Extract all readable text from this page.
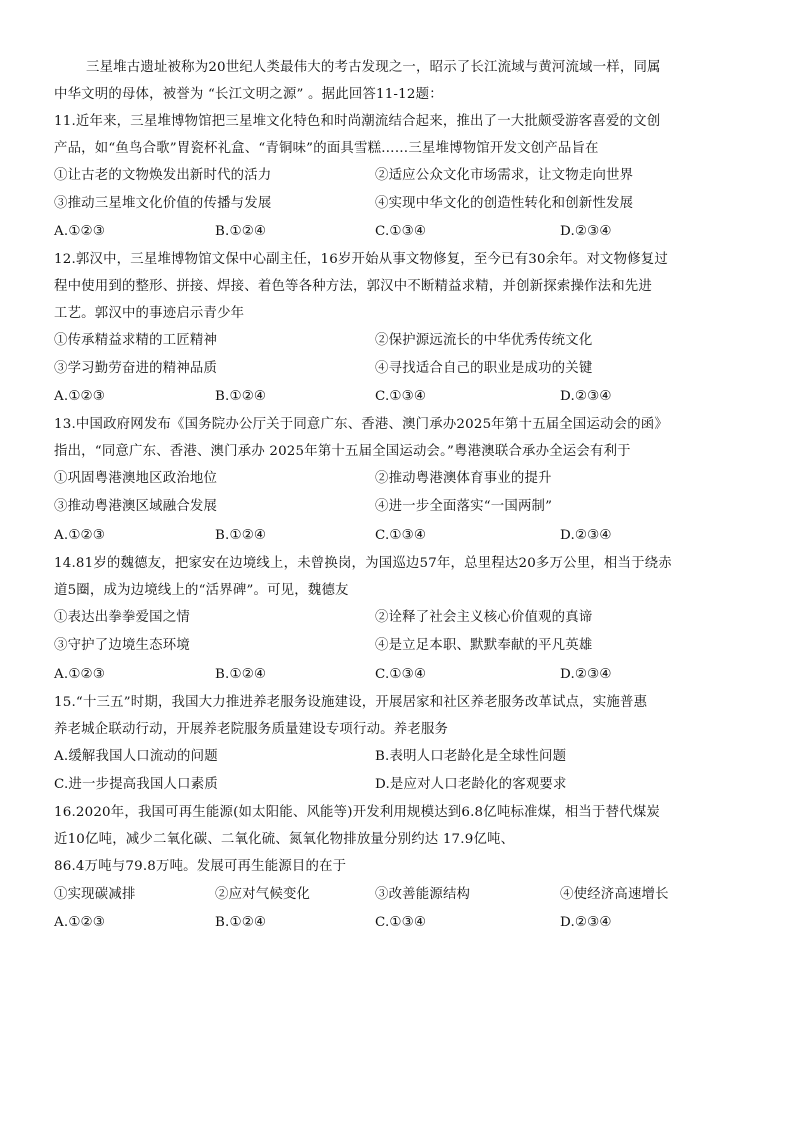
三星堆古遗址被称为20世纪人类最伟大的考古发现之一，昭示了长江流域与黄河流域一样，同属
中华文明的母体，被誉为 “长江文明之源” 。据此回答11-12题：
11.近年来，三星堆博物馆把三星堆文化特色和时尚潮流结合起来，推出了一大批颇受游客喜爱的文创
产品，如“鱼鸟合歌”胃瓷杯礼盒、“青铜味”的面具雪糕……三星堆博物馆开发文创产品旨在
①让古老的文物焕发出新时代的活力	②适应公众文化市场需求，让文物走向世界
③推动三星堆文化价值的传播与发展	④实现中华文化的创造性转化和创新性发展
A.①②③	B.①②④	C.①③④	D.②③④
12.郭汉中，三星堆博物馆文保中心副主任，16岁开始从事文物修复，至今已有30余年。对文物修复过
程中使用到的整形、拼接、焊接、着色等各种方法，郭汉中不断精益求精，并创新探索操作法和先进
工艺。郭汉中的事迹启示青少年
①传承精益求精的工匠精神	②保护源远流长的中华优秀传统文化
③学习勤劳奋进的精神品质	④寻找适合自己的职业是成功的关键
A.①②③	B.①②④	C.①③④	D.②③④
13.中国政府网发布《国务院办公厅关于同意广东、香港、澳门承办2025年第十五届全国运动会的函》
指出，“同意广东、香港、澳门承办 2025年第十五届全国运动会。”粤港澳联合承办全运会有利于
①巩固粤港澳地区政治地位	②推动粤港澳体育事业的提升
③推动粤港澳区域融合发展	④进一步全面落实“一国两制”
A.①②③	B.①②④	C.①③④	D.②③④
14.81岁的魏德友，把家安在边境线上，未曾换岗，为国巡边57年，总里程达20多万公里，相当于绕赤
道5圈，成为边境线上的“活界碑”。可见，魏德友
①表达出拳拳爱国之情	②诠释了社会主义核心价值观的真谛
③守护了边境生态环境	④是立足本职、默默奉献的平凡英雄
A.①②③	B.①②④	C.①③④	D.②③④
15.“十三五”时期，我国大力推进养老服务设施建设，开展居家和社区养老服务改革试点，实施普惠
养老城企联动行动，开展养老院服务质量建设专项行动。养老服务
A.缓解我国人口流动的问题	B.表明人口老龄化是全球性问题
C.进一步提高我国人口素质	D.是应对人口老龄化的客观要求
16.2020年，我国可再生能源(如太阳能、风能等)开发利用规模达到6.8亿吨标准煤，相当于替代煤炭
近10亿吨，减少二氧化碳、二氧化硫、氮氧化物排放量分别约达 17.9亿吨、
86.4万吨与79.8万吨。发展可再生能源目的在于
①实现碳减排	②应对气候变化	③改善能源结构	④使经济高速增长
A.①②③	B.①②④	C.①③④	D.②③④
